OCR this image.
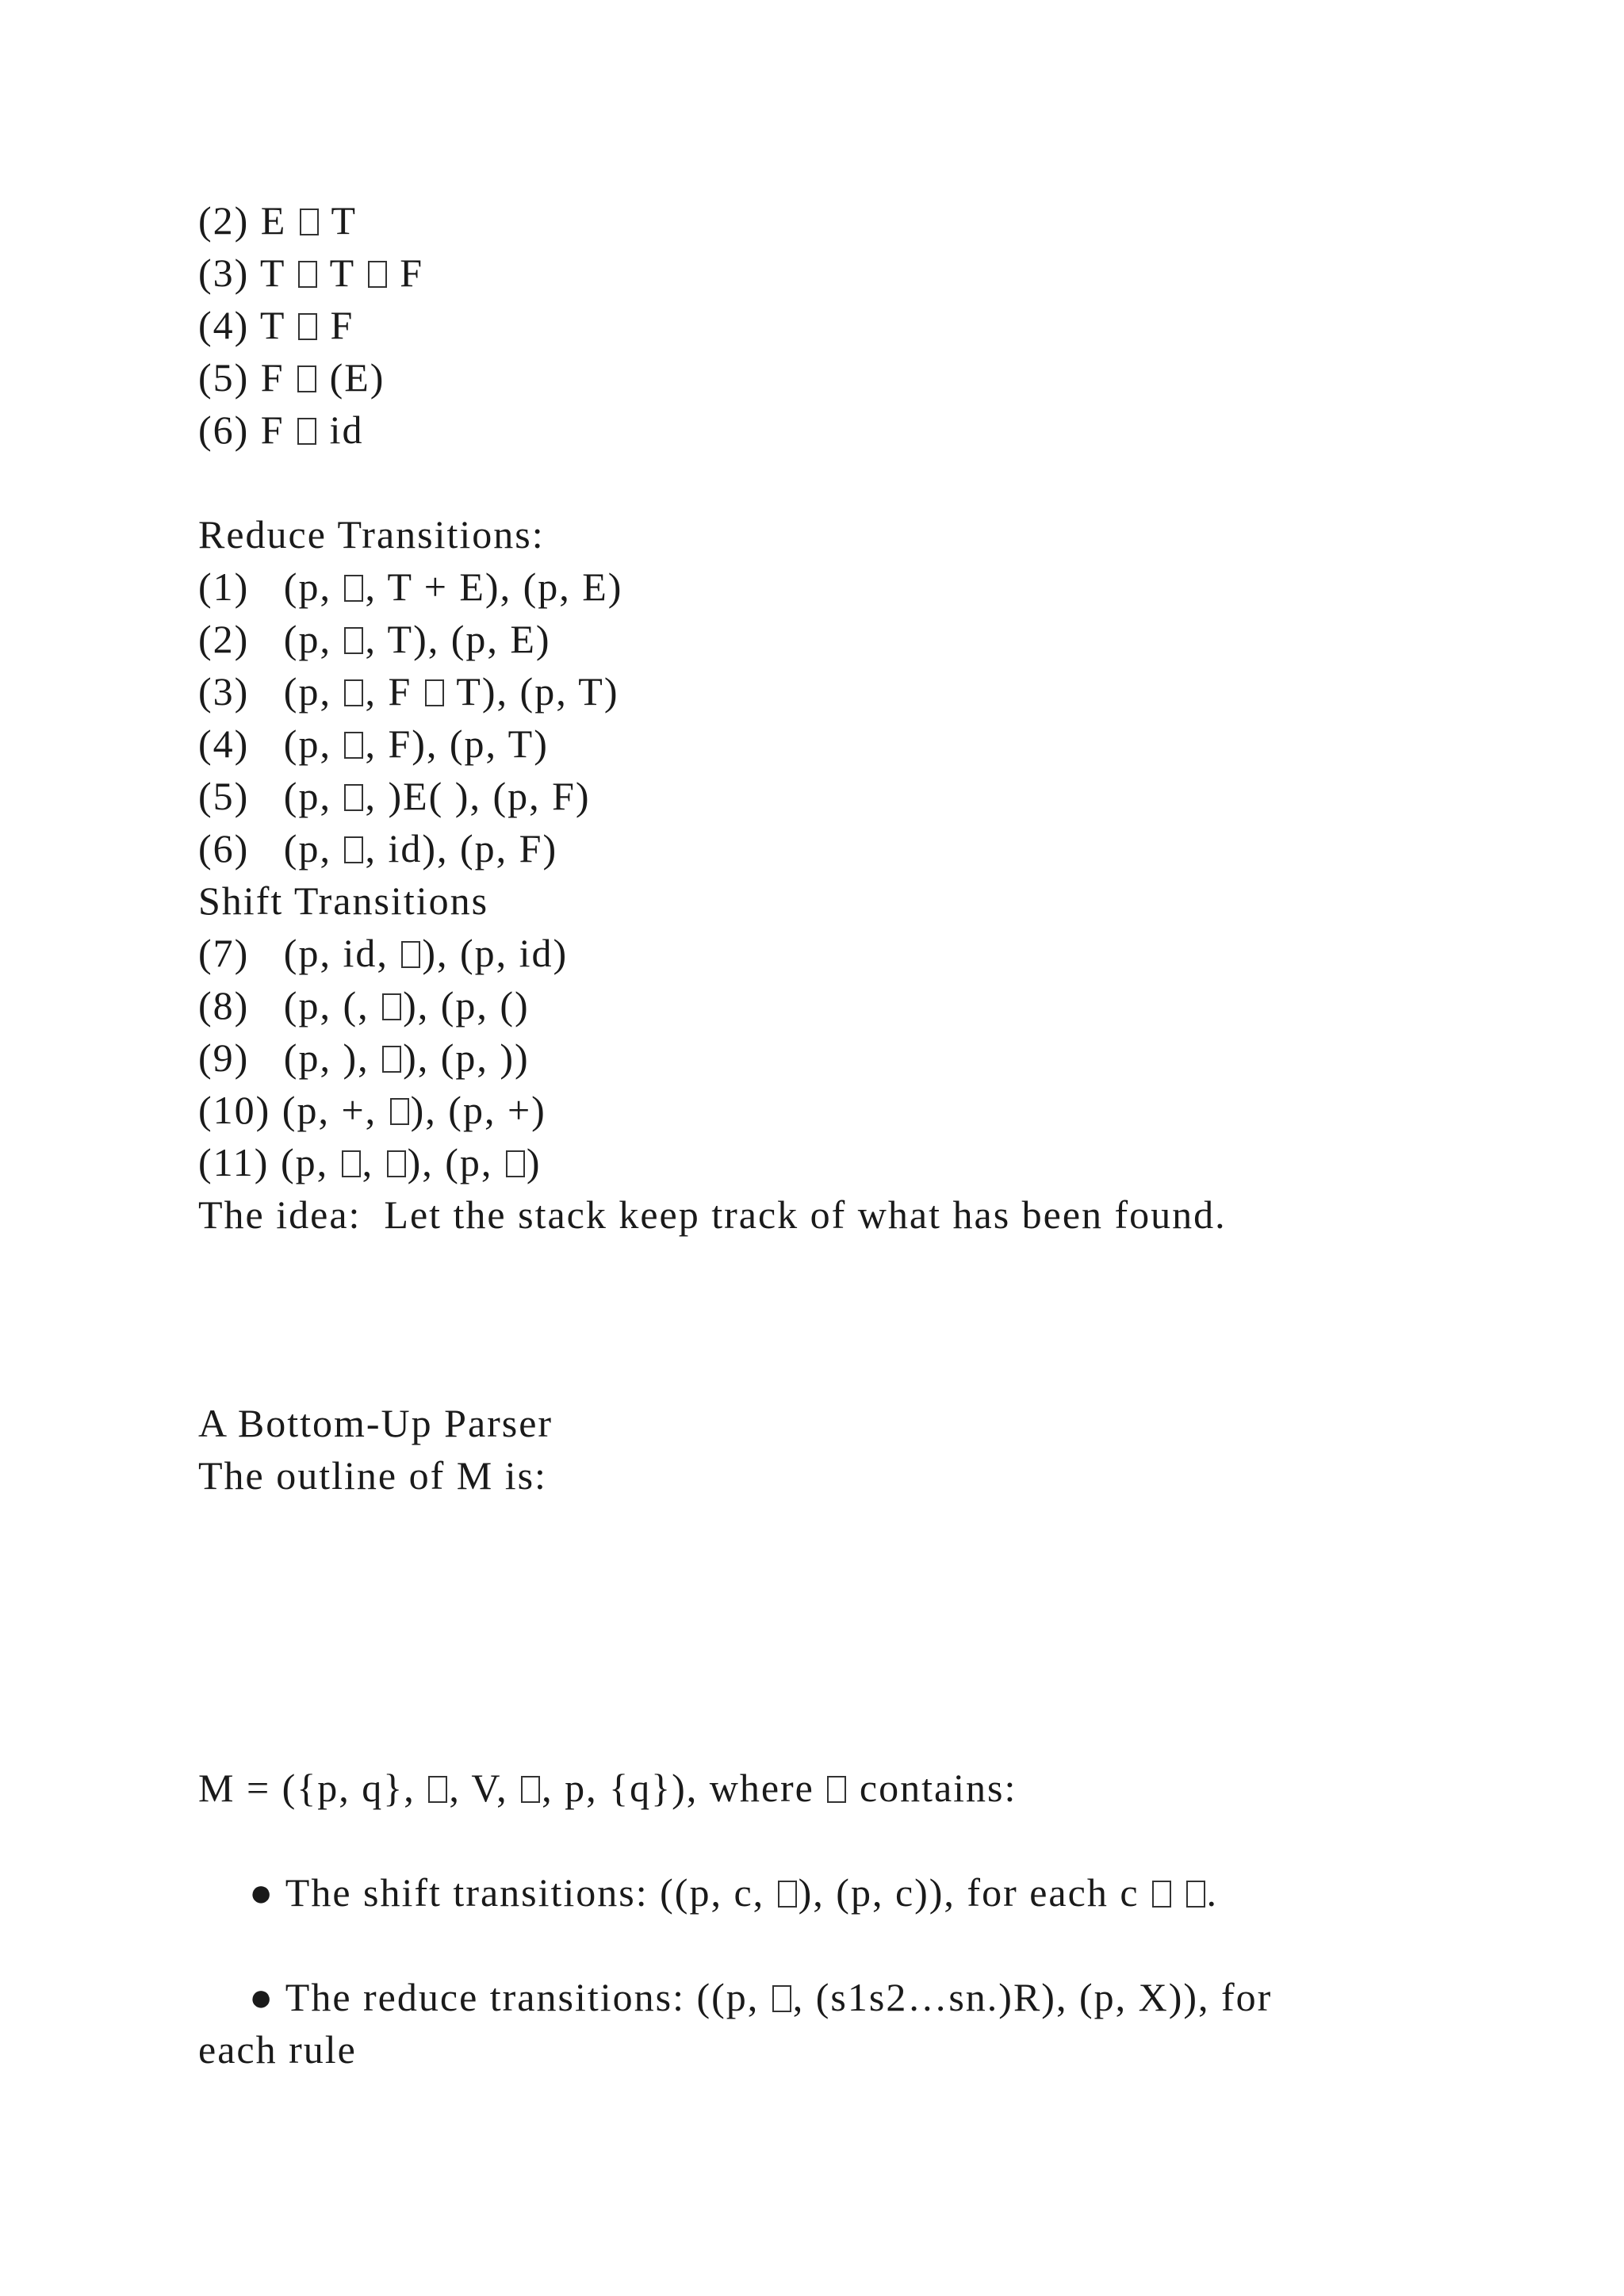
(2) E  T
(3) T  T  F
(4) T  F
(5) F  (E)
(6) F  id
Reduce Transitions:
(1)   (p, , T + E), (p, E)
(2)   (p, , T), (p, E)
(3)   (p, , F  T), (p, T)
(4)   (p, , F), (p, T)
(5)   (p, , )E( ), (p, F)
(6)   (p, , id), (p, F)
Shift Transitions
(7)   (p, id, ), (p, id)
(8)   (p, (, ), (p, ()
(9)   (p, ), ), (p, ))
(10) (p, +, ), (p, +)
(11) (p, , ), (p, )
The idea:  Let the stack keep track of what has been found.
A Bottom-Up Parser
The outline of M is:
M = ({p, q}, , V, , p, {q}), where  contains:
● The shift transitions: ((p, c, ), (p, c)), for each c  .
● The reduce transitions: ((p, , (s1s2…sn.)R), (p, X)), for
each rule
